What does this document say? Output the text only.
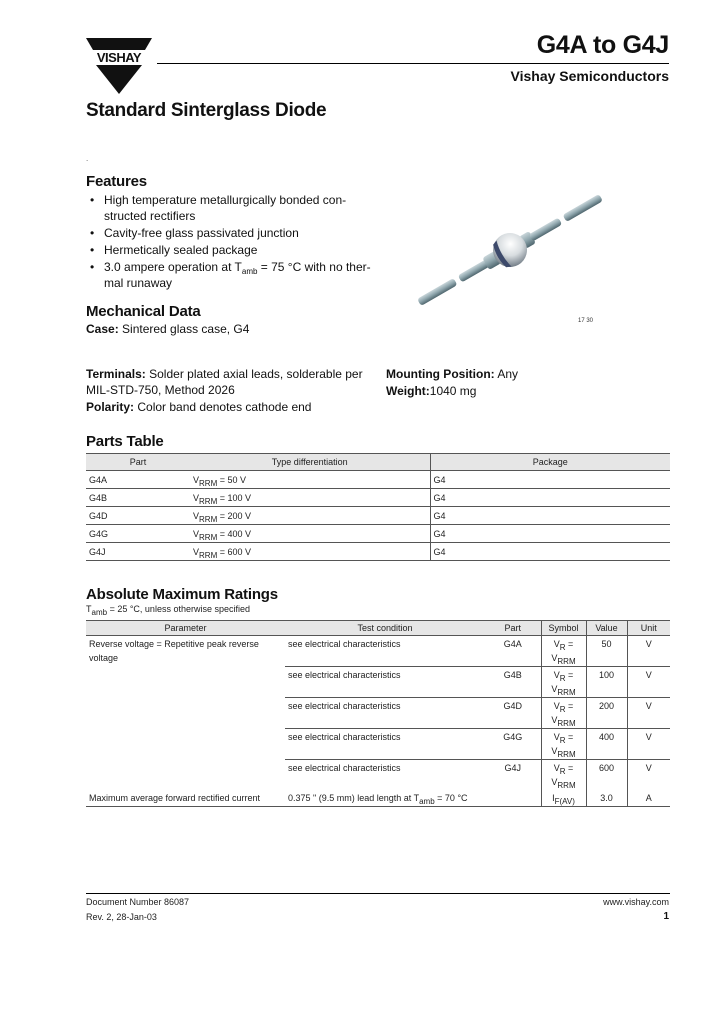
VISHAY	G4A to G4J
Vishay Semiconductors
Standard Sinterglass Diode
.
Features
• High temperature metallurgically bonded con-structed rectifiers
• Cavity-free glass passivated junction
• Hermetically sealed package
• 3.0 ampere operation at $T_{amb} = 75$ °C with no ther-mal runaway
17 30
Mechanical Data
Case: Sintered glass case, G4
Terminals: Solder plated axial leads, solderable per MIL-STD-750, Method 2026
Polarity: Color band denotes cathode end
Mounting Position: Any
Weight:1040 mg
Parts Table
Part	Type differentiation	Package
G4A	$V_{RRM} = 50$ V	G4
G4B	$V_{RRM} = 100$ V	G4
G4D	$V_{RRM} = 200$ V	G4
G4G	$V_{RRM} = 400$ V	G4
G4J	$V_{RRM} = 600$ V	G4
Absolute Maximum Ratings
$T_{amb} = 25$ °C, unless otherwise specified
Parameter	Test condition	Part	Symbol	Value	Unit
Reverse voltage = Repetitive peak reverse voltage	see electrical characteristics	G4A	$V_R$ =
$V_{RRM}$	50	V
	see electrical characteristics	G4B	$V_R$ =
$V_{RRM}$	100	V
	see electrical characteristics	G4D	$V_R$ =
$V_{RRM}$	200	V
	see electrical characteristics	G4G	$V_R$ =
$V_{RRM}$	400	V
	see electrical characteristics	G4J	$V_R$ =
$V_{RRM}$	600	V
Maximum average forward rectified current	0.375 " (9.5 mm) lead length at $T_{amb} = 70$ °C		$I_{F(AV)}$	3.0	A
Document Number 86087
Rev. 2, 28-Jan-03
www.vishay.com
1
